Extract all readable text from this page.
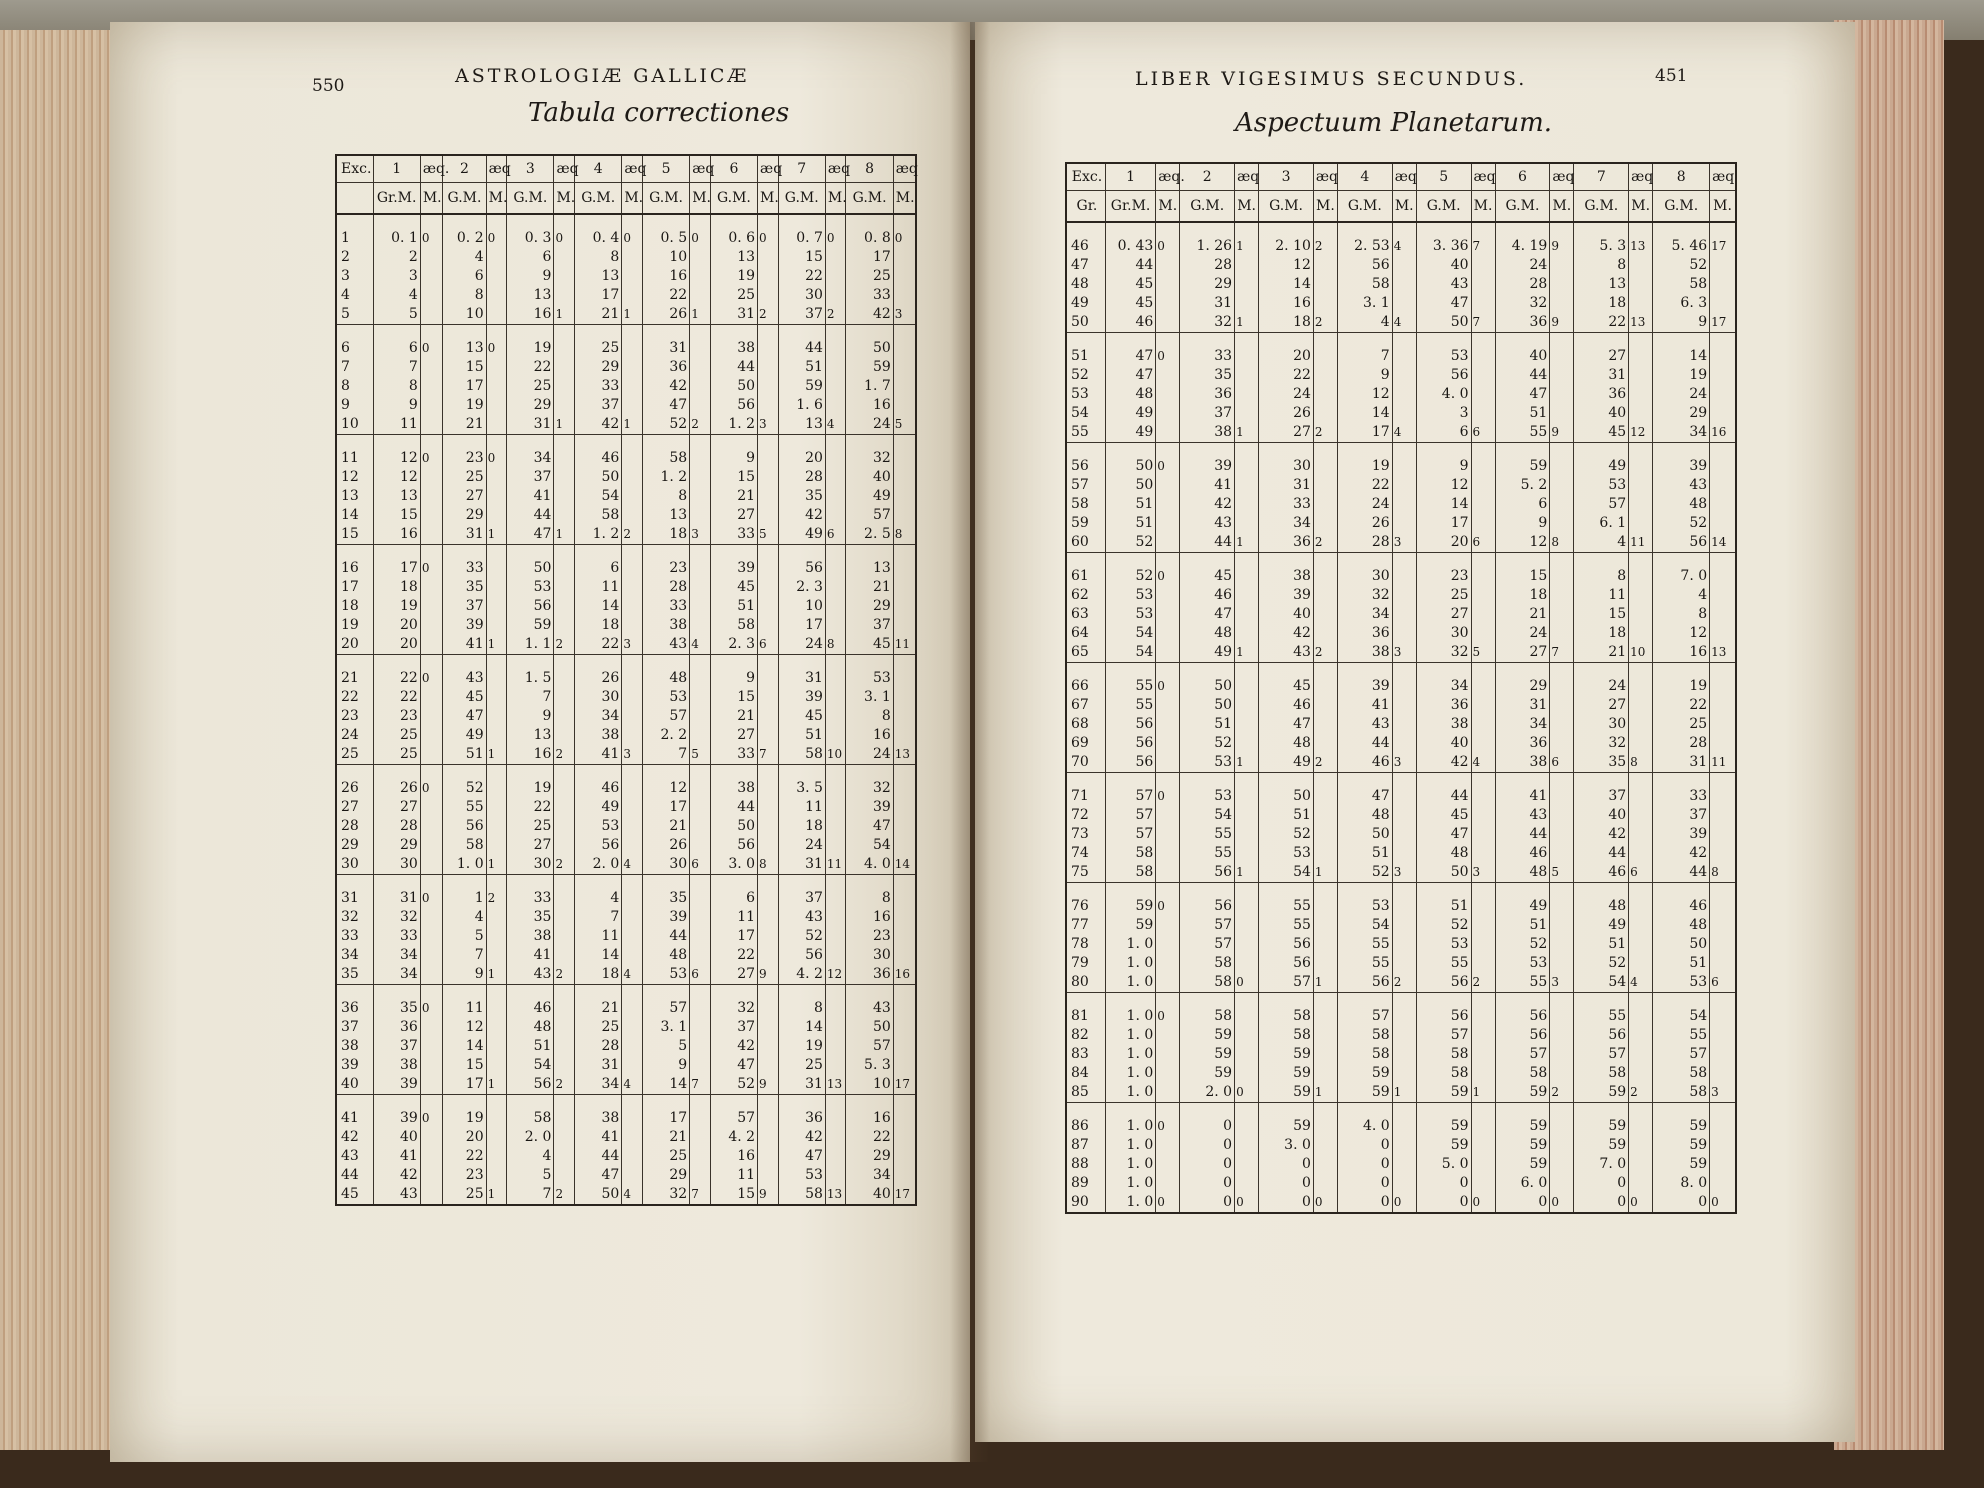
550	ASTROLOGIÆ GALLICÆ
Tabula correctiones
Exc.	1	æq.	2	æq	3	æq	4	æq	5	æq	6	æq	7	æq	8	æq
	Gr.M.	M.	G.M.	M.	G.M.	M.	G.M.	M.	G.M.	M.	G.M.	M.	G.M.	M.	G.M.	M.

1	0. 1	0	0. 2	0	0. 3	0	0. 4	0	0. 5	0	0. 6	0	0. 7	0	0. 8	0
2	2		4		6		8		10		13		15		17	
3	3		6		9		13		16		19		22		25	
4	4		8		13		17		22		25		30		33	
5	5		10		16	1	21	1	26	1	31	2	37	2	42	3

6	6	0	13	0	19		25		31		38		44		50	
7	7		15		22		29		36		44		51		59	
8	8		17		25		33		42		50		59		1. 7	
9	9		19		29		37		47		56		1. 6		16	
10	11		21		31	1	42	1	52	2	1. 2	3	13	4	24	5

11	12	0	23	0	34		46		58		9		20		32	
12	12		25		37		50		1. 2		15		28		40	
13	13		27		41		54		8		21		35		49	
14	15		29		44		58		13		27		42		57	
15	16		31	1	47	1	1. 2	2	18	3	33	5	49	6	2. 5	8

16	17	0	33		50		6		23		39		56		13	
17	18		35		53		11		28		45		2. 3		21	
18	19		37		56		14		33		51		10		29	
19	20		39		59		18		38		58		17		37	
20	20		41	1	1. 1	2	22	3	43	4	2. 3	6	24	8	45	11

21	22	0	43		1. 5		26		48		9		31		53	
22	22		45		7		30		53		15		39		3. 1	
23	23		47		9		34		57		21		45		8	
24	25		49		13		38		2. 2		27		51		16	
25	25		51	1	16	2	41	3	7	5	33	7	58	10	24	13

26	26	0	52		19		46		12		38		3. 5		32	
27	27		55		22		49		17		44		11		39	
28	28		56		25		53		21		50		18		47	
29	29		58		27		56		26		56		24		54	
30	30		1. 0	1	30	2	2. 0	4	30	6	3. 0	8	31	11	4. 0	14

31	31	0	1	2	33		4		35		6		37		8	
32	32		4		35		7		39		11		43		16	
33	33		5		38		11		44		17		52		23	
34	34		7		41		14		48		22		56		30	
35	34		9	1	43	2	18	4	53	6	27	9	4. 2	12	36	16

36	35	0	11		46		21		57		32		8		43	
37	36		12		48		25		3. 1		37		14		50	
38	37		14		51		28		5		42		19		57	
39	38		15		54		31		9		47		25		5. 3	
40	39		17	1	56	2	34	4	14	7	52	9	31	13	10	17

41	39	0	19		58		38		17		57		36		16	
42	40		20		2. 0		41		21		4. 2		42		22	
43	41		22		4		44		25		16		47		29	
44	42		23		5		47		29		11		53		34	
45	43		25	1	7	2	50	4	32	7	15	9	58	13	40	17
LIBER VIGESIMUS SECUNDUS.	451
Aspectuum Planetarum.
Exc.	1	æq.	2	æq	3	æq	4	æq	5	æq	6	æq	7	æq	8	æq
Gr.	Gr.M.	M.	G.M.	M.	G.M.	M.	G.M.	M.	G.M.	M.	G.M.	M.	G.M.	M.	G.M.	M.

46	0. 43	0	1. 26	1	2. 10	2	2. 53	4	3. 36	7	4. 19	9	5. 3	13	5. 46	17
47	44		28		12		56		40		24		8		52	
48	45		29		14		58		43		28		13		58	
49	45		31		16		3. 1		47		32		18		6. 3	
50	46		32	1	18	2	4	4	50	7	36	9	22	13	9	17

51	47	0	33		20		7		53		40		27		14	
52	47		35		22		9		56		44		31		19	
53	48		36		24		12		4. 0		47		36		24	
54	49		37		26		14		3		51		40		29	
55	49		38	1	27	2	17	4	6	6	55	9	45	12	34	16

56	50	0	39		30		19		9		59		49		39	
57	50		41		31		22		12		5. 2		53		43	
58	51		42		33		24		14		6		57		48	
59	51		43		34		26		17		9		6. 1		52	
60	52		44	1	36	2	28	3	20	6	12	8	4	11	56	14

61	52	0	45		38		30		23		15		8		7. 0	
62	53		46		39		32		25		18		11		4	
63	53		47		40		34		27		21		15		8	
64	54		48		42		36		30		24		18		12	
65	54		49	1	43	2	38	3	32	5	27	7	21	10	16	13

66	55	0	50		45		39		34		29		24		19	
67	55		50		46		41		36		31		27		22	
68	56		51		47		43		38		34		30		25	
69	56		52		48		44		40		36		32		28	
70	56		53	1	49	2	46	3	42	4	38	6	35	8	31	11

71	57	0	53		50		47		44		41		37		33	
72	57		54		51		48		45		43		40		37	
73	57		55		52		50		47		44		42		39	
74	58		55		53		51		48		46		44		42	
75	58		56	1	54	1	52	3	50	3	48	5	46	6	44	8

76	59	0	56		55		53		51		49		48		46	
77	59		57		55		54		52		51		49		48	
78	1. 0		57		56		55		53		52		51		50	
79	1. 0		58		56		55		55		53		52		51	
80	1. 0		58	0	57	1	56	2	56	2	55	3	54	4	53	6

81	1. 0	0	58		58		57		56		56		55		54	
82	1. 0		59		58		58		57		56		56		55	
83	1. 0		59		59		58		58		57		57		57	
84	1. 0		59		59		59		58		58		58		58	
85	1. 0		2. 0	0	59	1	59	1	59	1	59	2	59	2	58	3

86	1. 0	0	0		59		4. 0		59		59		59		59	
87	1. 0		0		3. 0		0		59		59		59		59	
88	1. 0		0		0		0		5. 0		59		7. 0		59	
89	1. 0		0		0		0		0		6. 0		0		8. 0	
90	1. 0	0	0	0	0	0	0	0	0	0	0	0	0	0	0	0
